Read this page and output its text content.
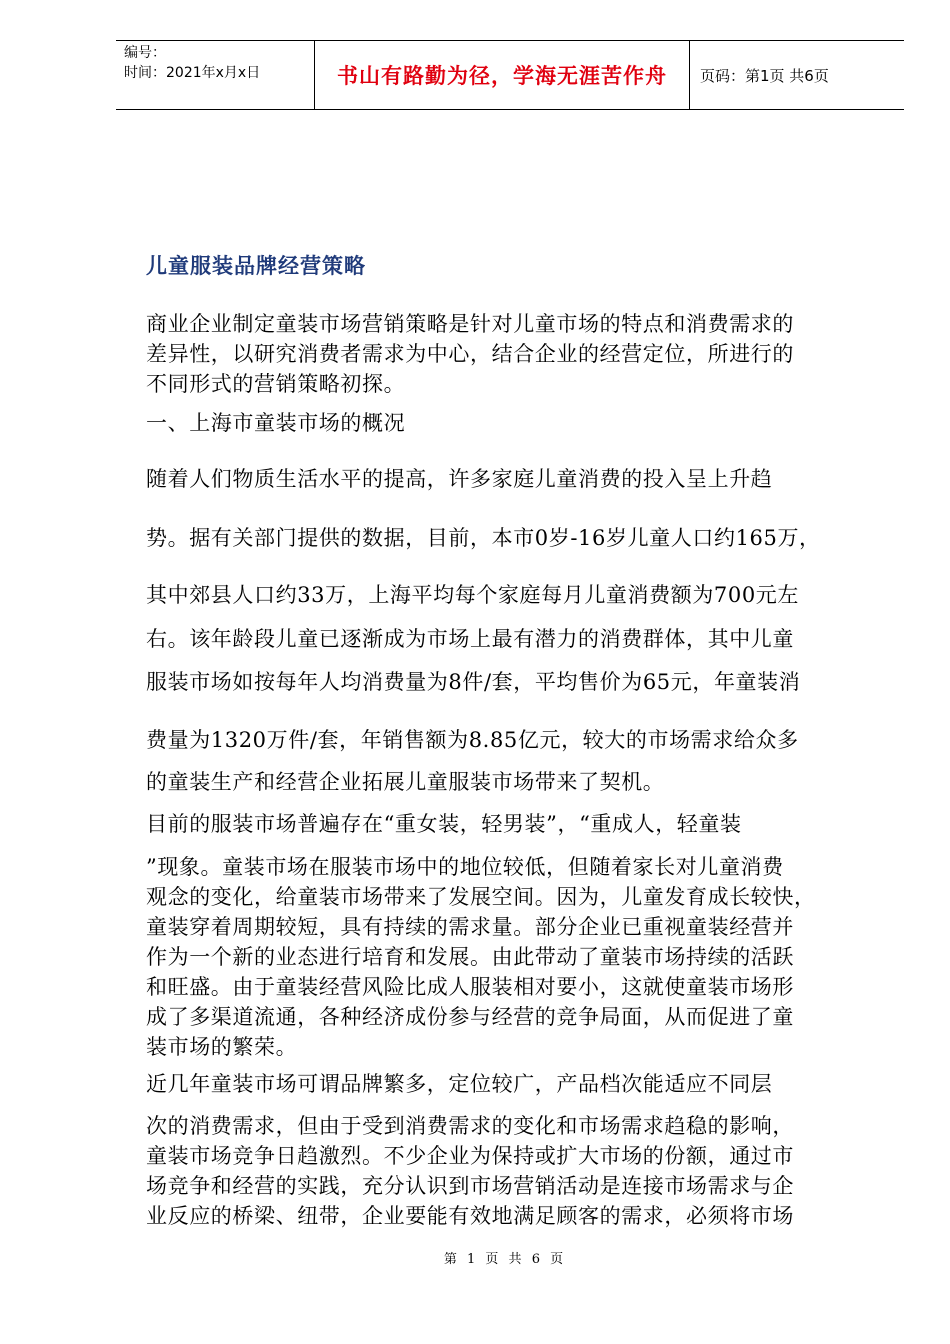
编号：
时间：2021年x月x日	书山有路勤为径，学海无涯苦作舟	页码：第1页 共6页
儿童服装品牌经营策略
商业企业制定童装市场营销策略是针对儿童市场的特点和消费需求的
差异性，以研究消费者需求为中心，结合企业的经营定位，所进行的
不同形式的营销策略初探。
一、上海市童装市场的概况
随着人们物质生活水平的提高，许多家庭儿童消费的投入呈上升趋
势。据有关部门提供的数据，目前，本市0岁-16岁儿童人口约165万，
其中郊县人口约33万，上海平均每个家庭每月儿童消费额为700元左
右。该年龄段儿童已逐渐成为市场上最有潜力的消费群体，其中儿童
服装市场如按每年人均消费量为8件/套，平均售价为65元，年童装消
费量为1320万件/套，年销售额为8.85亿元，较大的市场需求给众多
的童装生产和经营企业拓展儿童服装市场带来了契机。
目前的服装市场普遍存在“重女装，轻男装”，“重成人，轻童装
”现象。童装市场在服装市场中的地位较低，但随着家长对儿童消费
观念的变化，给童装市场带来了发展空间。因为，儿童发育成长较快，
童装穿着周期较短，具有持续的需求量。部分企业已重视童装经营并
作为一个新的业态进行培育和发展。由此带动了童装市场持续的活跃
和旺盛。由于童装经营风险比成人服装相对要小，这就使童装市场形
成了多渠道流通，各种经济成份参与经营的竞争局面，从而促进了童
装市场的繁荣。
近几年童装市场可谓品牌繁多，定位较广，产品档次能适应不同层
次的消费需求，但由于受到消费需求的变化和市场需求趋稳的影响，
童装市场竞争日趋激烈。不少企业为保持或扩大市场的份额，通过市
场竞争和经营的实践，充分认识到市场营销活动是连接市场需求与企
业反应的桥梁、纽带，企业要能有效地满足顾客的需求，必须将市场
第 1 页 共 6 页
